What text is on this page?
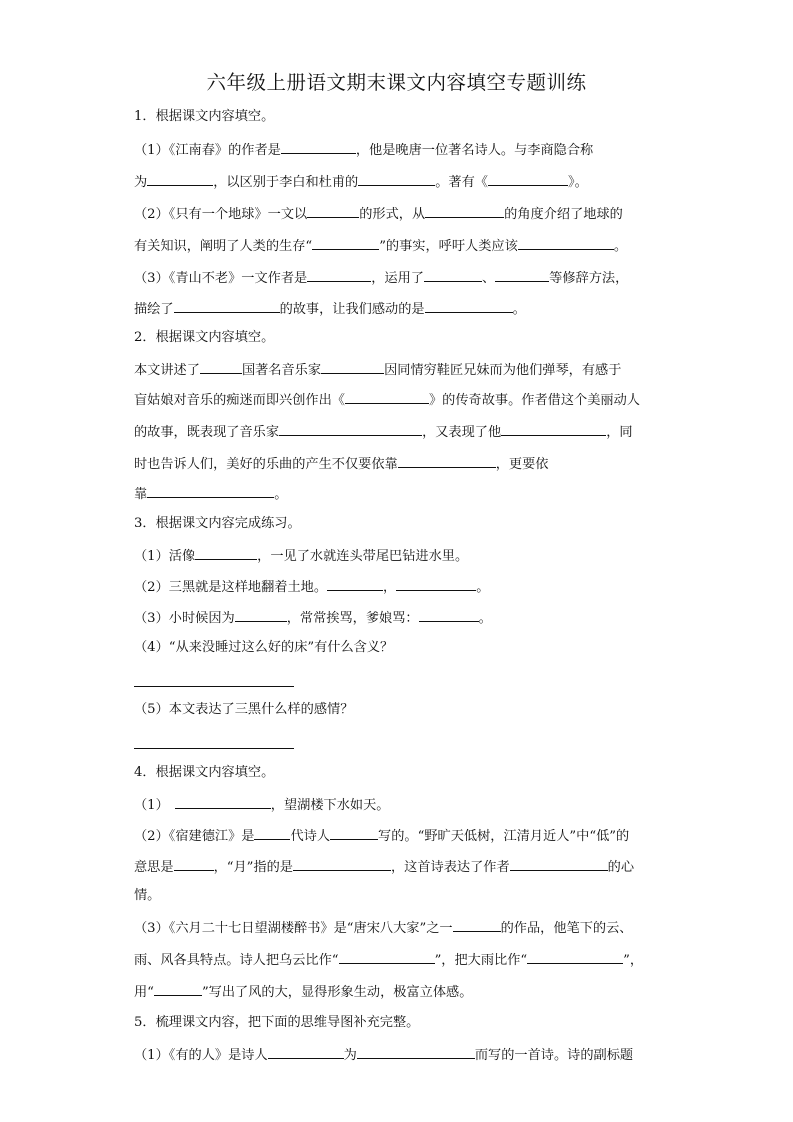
六年级上册语文期末课文内容填空专题训练
1．根据课文内容填空。
（1）《江南春》的作者是	，他是晚唐一位著名诗人。与李商隐合称
为	，以区别于李白和杜甫的	。著有《	》。
（2）《只有一个地球》一文以	的形式，从	的角度介绍了地球的
有关知识，阐明了人类的生存“	”的事实，呼吁人类应该	。
（3）《青山不老》一文作者是	，运用了	、	等修辞方法，
描绘了	的故事，让我们感动的是	。
2．根据课文内容填空。
本文讲述了	国著名音乐家	因同情穷鞋匠兄妹而为他们弹琴，有感于
盲姑娘对音乐的痴迷而即兴创作出《	》的传奇故事。作者借这个美丽动人
的故事，既表现了音乐家	，又表现了他	，同
时也告诉人们，美好的乐曲的产生不仅要依靠	，更要依
靠	。
3．根据课文内容完成练习。
（1）活像	，一见了水就连头带尾巴钻进水里。
（2）三黑就是这样地翻着土地。	，	。
（3）小时候因为	，常常挨骂，爹娘骂：	。
（4）“从来没睡过这么好的床”有什么含义？
（5）本文表达了三黑什么样的感情？
4．根据课文内容填空。
（1）	，望湖楼下水如天。
（2）《宿建德江》是	代诗人	写的。“野旷天低树，江清月近人”中“低”的
意思是	，“月”指的是	，这首诗表达了作者	的心
情。
（3）《六月二十七日望湖楼醉书》是“唐宋八大家”之一	的作品，他笔下的云、
雨、风各具特点。诗人把乌云比作“	”，把大雨比作“	”，
用“	”写出了风的大，显得形象生动，极富立体感。
5．梳理课文内容，把下面的思维导图补充完整。
（1）《有的人》是诗人	为	而写的一首诗。诗的副标题
